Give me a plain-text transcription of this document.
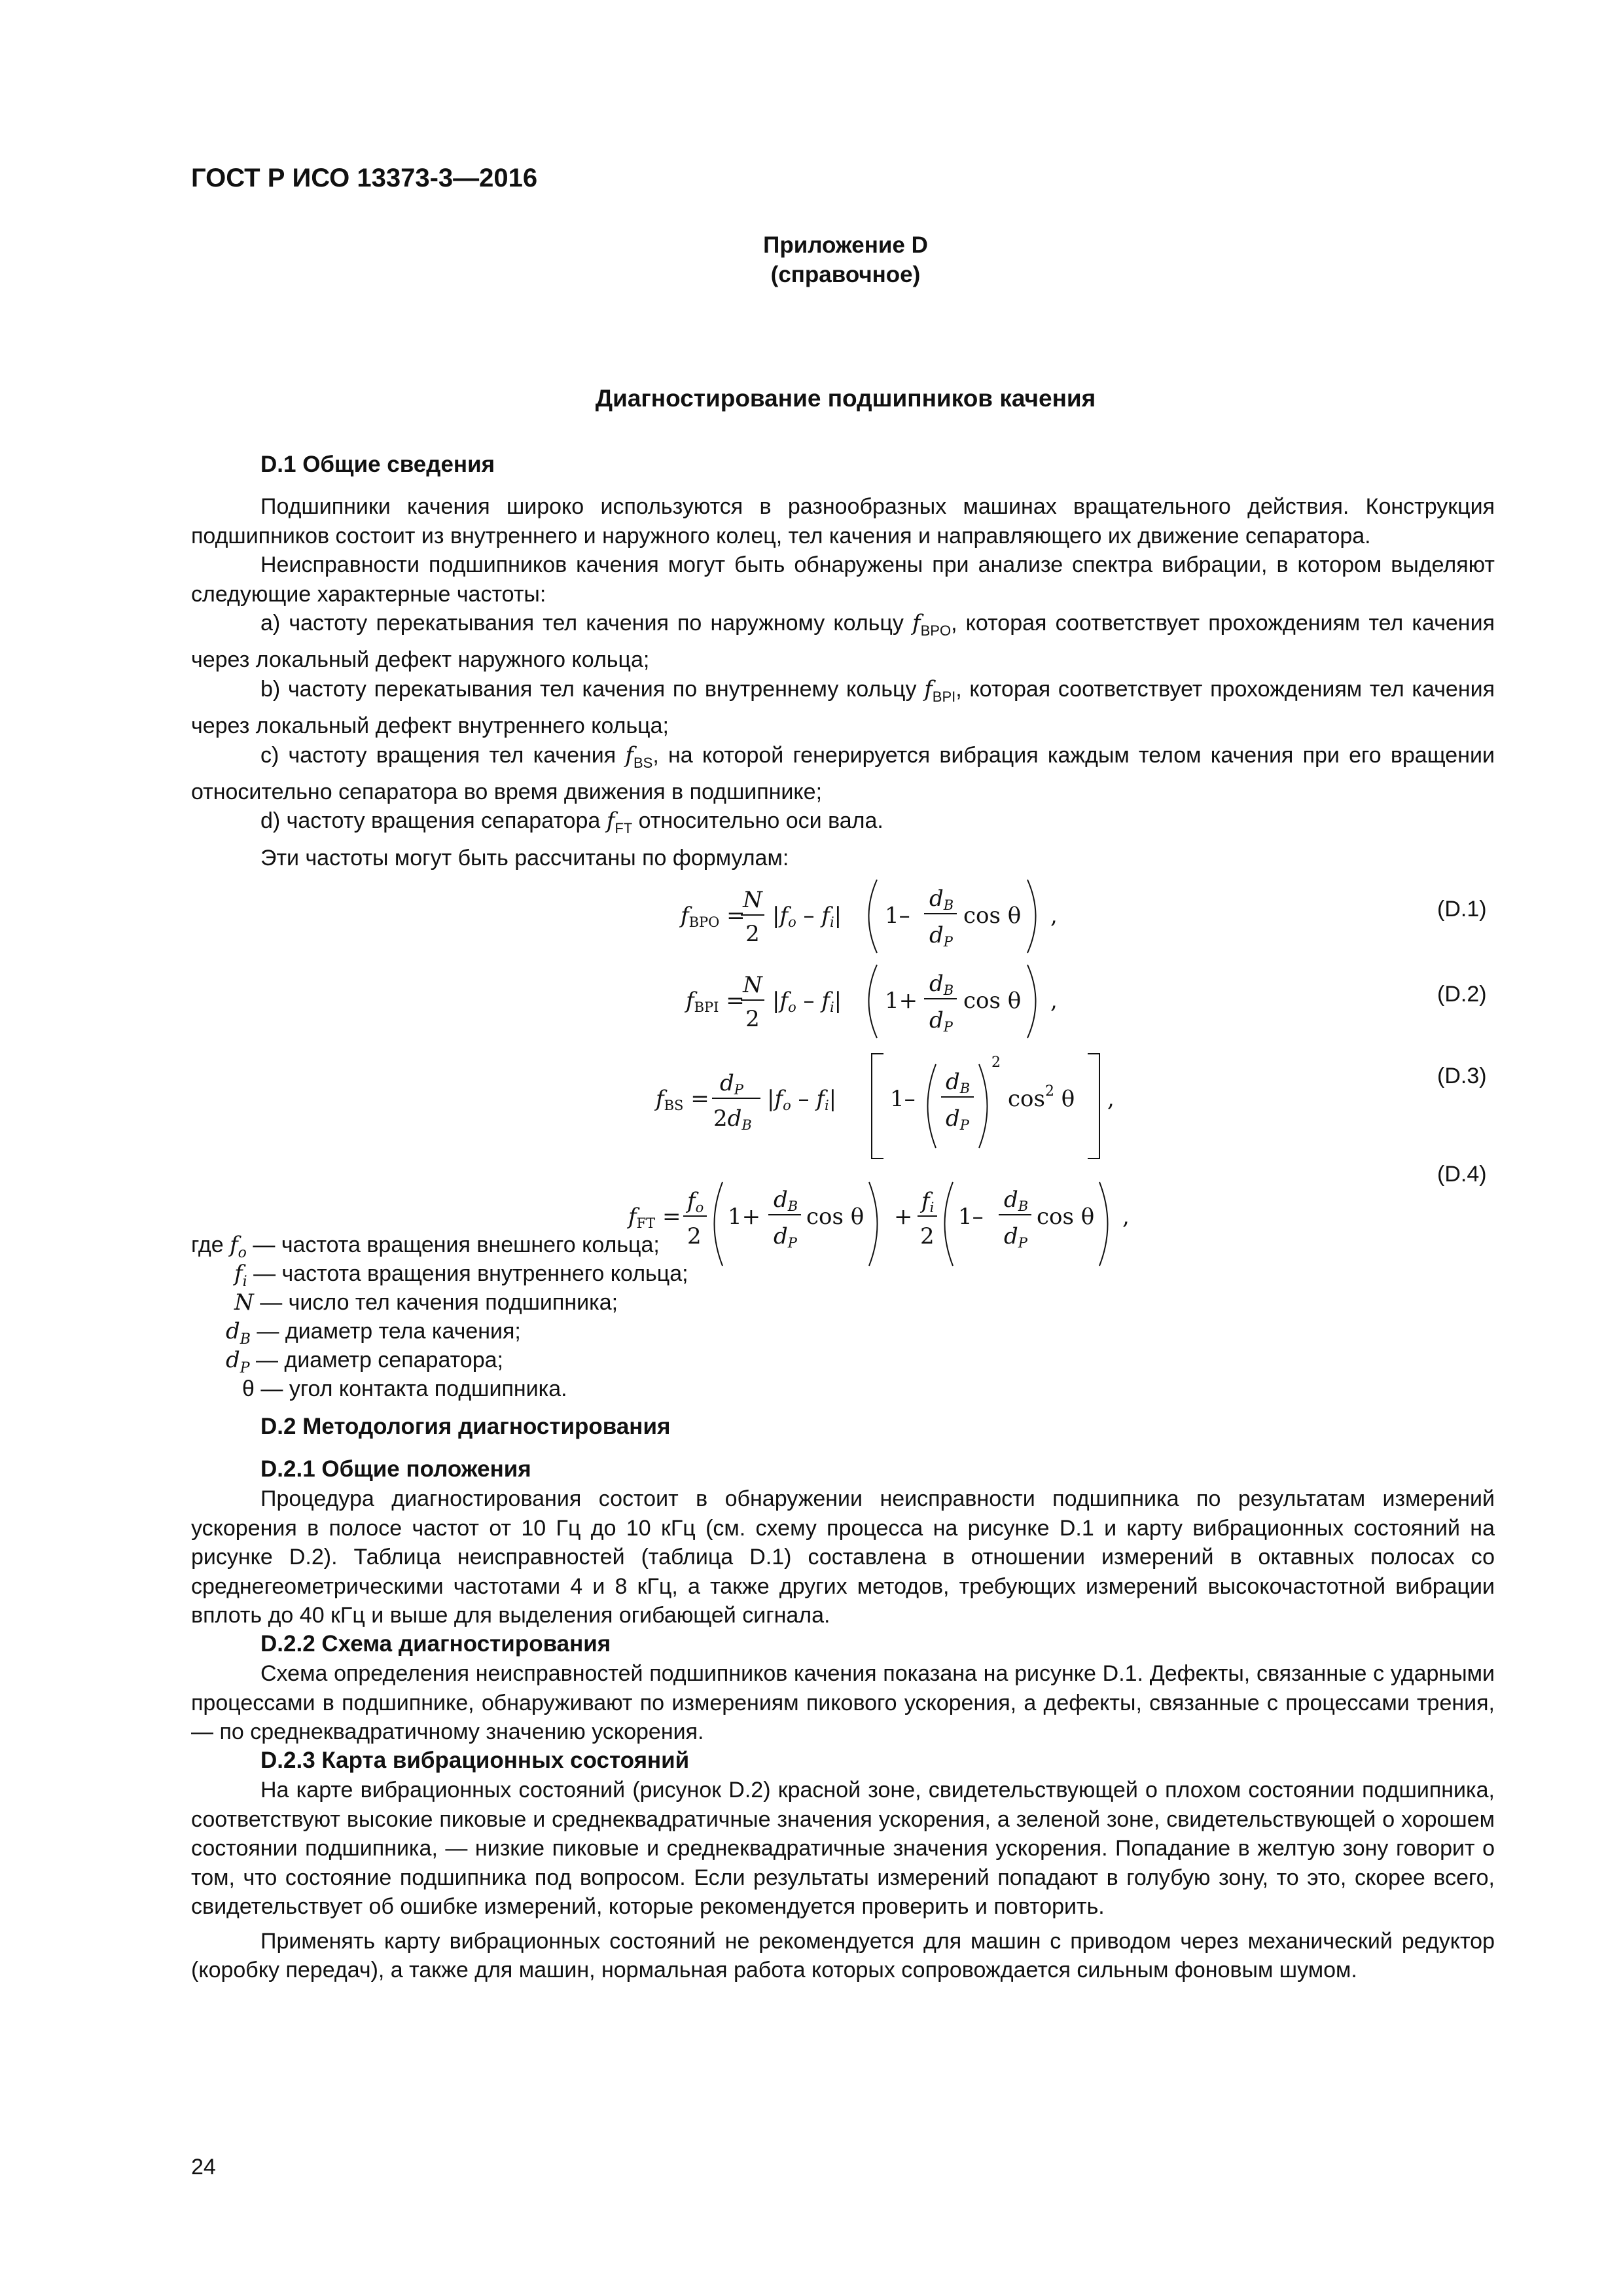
ГОСТ Р ИСО 13373-3—2016
Приложение D
(справочное)
Диагностирование подшипников качения
D.1 Общие сведения

Подшипники качения широко используются в разнообразных машинах вращательного действия. Конструкция подшипников состоит из внутреннего и наружного колец, тел качения и направляющего их движение сепаратора.

Неисправности подшипников качения могут быть обнаружены при анализе спектра вибрации, в котором выделяют следующие характерные частоты:

a) частоту перекатывания тел качения по наружному кольцу $f_{BPO}$, которая соответствует прохождениям тел качения через локальный дефект наружного кольца;

b) частоту перекатывания тел качения по внутреннему кольцу $f_{BPI}$, которая соответствует прохождениям тел качения через локальный дефект внутреннего кольца;

c) частоту вращения тел качения $f_{BS}$, на которой генерируется вибрация каждым телом качения при его вращении относительно сепаратора во время движения в подшипнике;

d) частоту вращения сепаратора $f_{FT}$ относительно оси вала.

Эти частоты могут быть рассчитаны по формулам:

fBPO =
N
2
|fo – fi| 1–
dB
dP
cos θ ,
fBPI =
N
2
|fo – fi| 1+
dB
dP
cos θ ,
fBS =
dP
2dB
|fo – fi| 1–
dB
dP
2
$\cos^2 \theta$ ,
fFT =
fo
2
1+
dB
dP
cos θ +
fi
2
1–
dB
dP
cos θ ,
(D.1)
(D.2)
(D.3)
(D.4)
где $f_o$ — частота вращения внешнего кольца;
$f_i$ — частота вращения внутреннего кольца;
N — число тел качения подшипника;
$d_B$ — диаметр тела качения;
$d_P$ — диаметр сепаратора;
θ — угол контакта подшипника.
D.2 Методология диагностирования
D.2.1 Общие положения

Процедура диагностирования состоит в обнаружении неисправности подшипника по результатам измерений ускорения в полосе частот от 10 Гц до 10 кГц (см. схему процесса на рисунке D.1 и карту вибрационных состояний на рисунке D.2). Таблица неисправностей (таблица D.1) составлена в отношении измерений в октавных полосах со среднегеометрическими частотами 4 и 8 кГц, а также других методов, требующих измерений высокочастотной вибрации вплоть до 40 кГц и выше для выделения огибающей сигнала.

D.2.2 Схема диагностирования

Схема определения неисправностей подшипников качения показана на рисунке D.1. Дефекты, связанные с ударными процессами в подшипнике, обнаруживают по измерениям пикового ускорения, а дефекты, связанные с процессами трения, — по среднеквадратичному значению ускорения.

D.2.3 Карта вибрационных состояний

На карте вибрационных состояний (рисунок D.2) красной зоне, свидетельствующей о плохом состоянии подшипника, соответствуют высокие пиковые и среднеквадратичные значения ускорения, а зеленой зоне, свидетельствующей о хорошем состоянии подшипника, — низкие пиковые и среднеквадратичные значения ускорения. Попадание в желтую зону говорит о том, что состояние подшипника под вопросом. Если результаты измерений попадают в голубую зону, то это, скорее всего, свидетельствует об ошибке измерений, которые рекомендуется проверить и повторить.

Применять карту вибрационных состояний не рекомендуется для машин с приводом через механический редуктор (коробку передач), а также для машин, нормальная работа которых сопровождается сильным фоновым шумом.

24
